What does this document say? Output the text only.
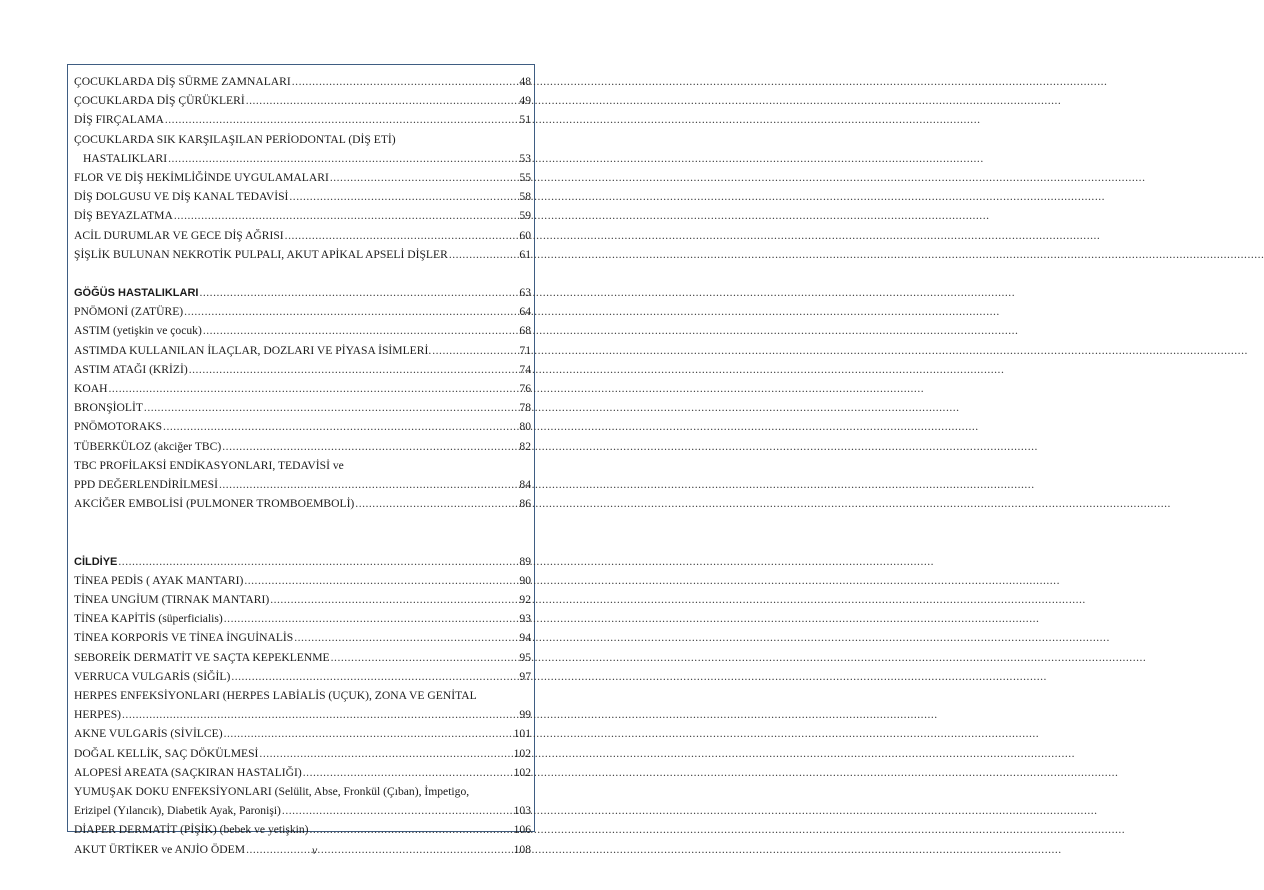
ÇOCUKLARDA DİŞ SÜRME ZAMNALARI .....	48
ÇOCUKLARDA DİŞ ÇÜRÜKLERİ .....	49
DİŞ FIRÇALAMA .....	51
ÇOCUKLARDA SIK KARŞILAŞILAN PERİODONTAL (DİŞ ETİ)
HASTALIKLARI .....	53
FLOR VE DİŞ HEKİMLİĞİNDE UYGULAMALARI .....	55
DİŞ DOLGUSU VE DİŞ KANAL TEDAVİSİ .....	58
DİŞ BEYAZLATMA .....	59
ACİL DURUMLAR VE GECE DİŞ AĞRISI .....	60
ŞİŞLİK BULUNAN NEKROTİK PULPALI, AKUT APİKAL APSELİ DİŞLER .....	61
GÖĞÜS HASTALIKLARI .....	63
PNÖMONİ (ZATÜRE) .....	64
ASTIM (yetişkin ve çocuk) .....	68
ASTIMDA KULLANILAN İLAÇLAR, DOZLARI VE PİYASA İSİMLERİ. .....	71
ASTIM ATAĞI (KRİZİ) .....	74
KOAH .....	76
BRONŞİOLİT .....	78
PNÖMOTORAKS .....	80
TÜBERKÜLOZ (akciğer TBC) .....	82
TBC PROFİLAKSİ ENDİKASYONLARI, TEDAVİSİ ve
PPD DEĞERLENDİRİLMESİ .....	84
AKCİĞER EMBOLİSİ (PULMONER TROMBOEMBOLİ) .....	86
CİLDİYE .....	89
TİNEA PEDİS ( AYAK MANTARI) .....	90
TİNEA UNGİUM (TIRNAK MANTARI) .....	92
TİNEA KAPİTİS (süperficialis) .....	93
TİNEA KORPORİS VE TİNEA İNGUİNALİS .....	94
SEBOREİK DERMATİT VE SAÇTA KEPEKLENME .....	95
VERRUCA VULGARİS (SİĞİL) .....	97
HERPES ENFEKSİYONLARI (HERPES LABİALİS (UÇUK), ZONA VE GENİTAL
HERPES) .....	99
AKNE VULGARİS (SİVİLCE) .....	101
DOĞAL KELLİK, SAÇ DÖKÜLMESİ .....	102
ALOPESİ AREATA (SAÇKIRAN HASTALIĞI) .....	102
YUMUŞAK DOKU ENFEKSİYONLARI (Selülit, Abse, Fronkül (Çıban), İmpetigo,
Erizipel (Yılancık), Diabetik Ayak, Paronişi) .....	103
DİAPER DERMATİT (PİŞİK) (bebek ve yetişkin) .....	106
AKUT ÜRTİKER ve ANJİO ÖDEM .....	108
v
